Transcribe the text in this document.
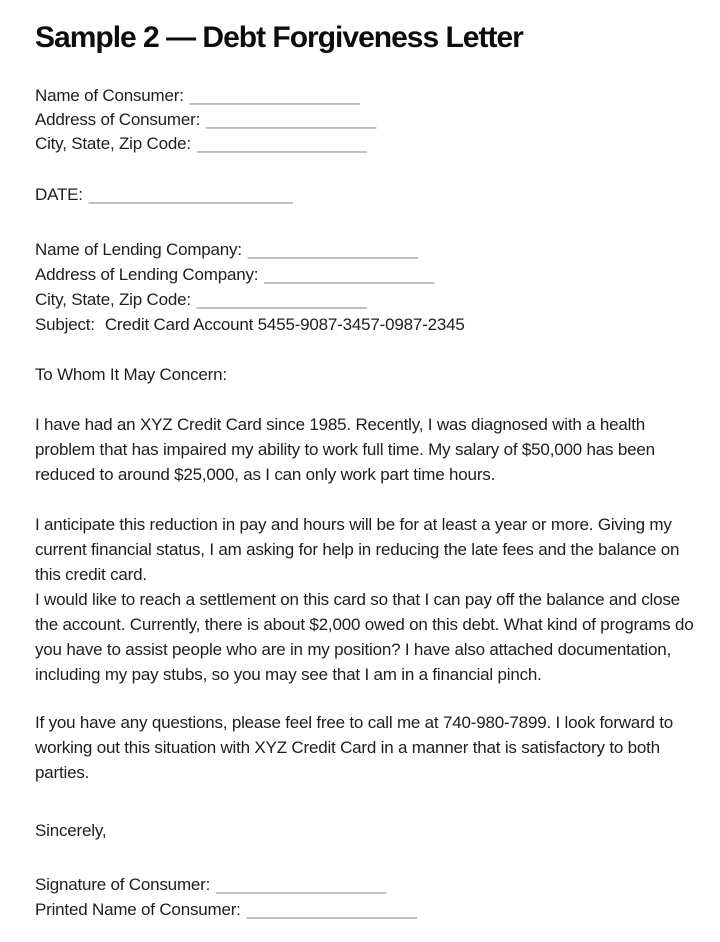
Sample 2 — Debt Forgiveness Letter
Name of Consumer: ____________________
Address of Consumer: ____________________
City, State, Zip Code: ____________________
DATE: ________________________
Name of Lending Company: ____________________
Address of Lending Company: ____________________
City, State, Zip Code: ____________________
Subject: Credit Card Account 5455-9087-3457-0987-2345

To Whom It May Concern:

I have had an XYZ Credit Card since 1985. Recently, I was diagnosed with a health problem that has impaired my ability to work full time. My salary of $50,000 has been reduced to around $25,000, as I can only work part time hours.

I anticipate this reduction in pay and hours will be for at least a year or more. Giving my current financial status, I am asking for help in reducing the late fees and the balance on this credit card.

I would like to reach a settlement on this card so that I can pay off the balance and close the account. Currently, there is about $2,000 owed on this debt. What kind of programs do you have to assist people who are in my position? I have also attached documentation, including my pay stubs, so you may see that I am in a financial pinch.

If you have any questions, please feel free to call me at 740-980-7899. I look forward to working out this situation with XYZ Credit Card in a manner that is satisfactory to both parties.

Sincerely,

Signature of Consumer: ____________________
Printed Name of Consumer: ____________________
